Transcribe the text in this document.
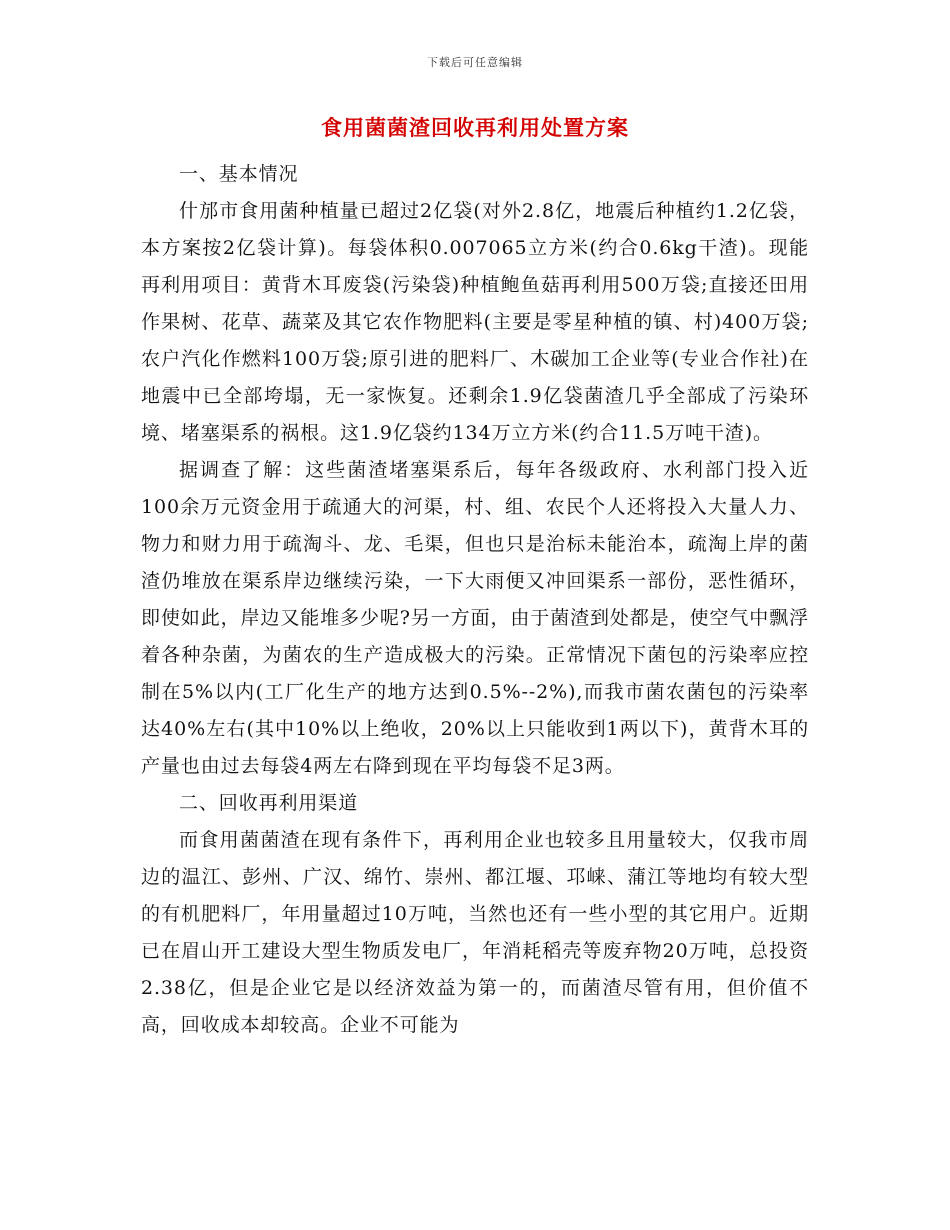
下载后可任意编辑
食用菌菌渣回收再利用处置方案
一、基本情况

什邡市食用菌种植量已超过2亿袋(对外2.8亿，地震后种植约1.2亿袋，本方案按2亿袋计算)。每袋体积0.007065立方米(约合0.6kg干渣)。现能再利用项目：黄背木耳废袋(污染袋)种植鲍鱼菇再利用500万袋;直接还田用作果树、花草、蔬菜及其它农作物肥料(主要是零星种植的镇、村)400万袋;农户汽化作燃料100万袋;原引进的肥料厂、木碳加工企业等(专业合作社)在地震中已全部垮塌，无一家恢复。还剩余1.9亿袋菌渣几乎全部成了污染环境、堵塞渠系的祸根。这1.9亿袋约134万立方米(约合11.5万吨干渣)。

据调查了解：这些菌渣堵塞渠系后，每年各级政府、水利部门投入近100余万元资金用于疏通大的河渠，村、组、农民个人还将投入大量人力、物力和财力用于疏淘斗、龙、毛渠，但也只是治标未能治本，疏淘上岸的菌渣仍堆放在渠系岸边继续污染，一下大雨便又冲回渠系一部份，恶性循环，即使如此，岸边又能堆多少呢?另一方面，由于菌渣到处都是，使空气中飘浮着各种杂菌，为菌农的生产造成极大的污染。正常情况下菌包的污染率应控制在5%以内(工厂化生产的地方达到0.5%--2%),而我市菌农菌包的污染率达40%左右(其中10%以上绝收，20%以上只能收到1两以下)，黄背木耳的产量也由过去每袋4两左右降到现在平均每袋不足3两。

二、回收再利用渠道

而食用菌菌渣在现有条件下，再利用企业也较多且用量较大，仅我市周边的温江、彭州、广汉、绵竹、崇州、都江堰、邛崃、蒲江等地均有较大型的有机肥料厂，年用量超过10万吨，当然也还有一些小型的其它用户。近期已在眉山开工建设大型生物质发电厂，年消耗稻壳等废弃物20万吨，总投资2.38亿，但是企业它是以经济效益为第一的，而菌渣尽管有用，但价值不高，回收成本却较高。企业不可能为
